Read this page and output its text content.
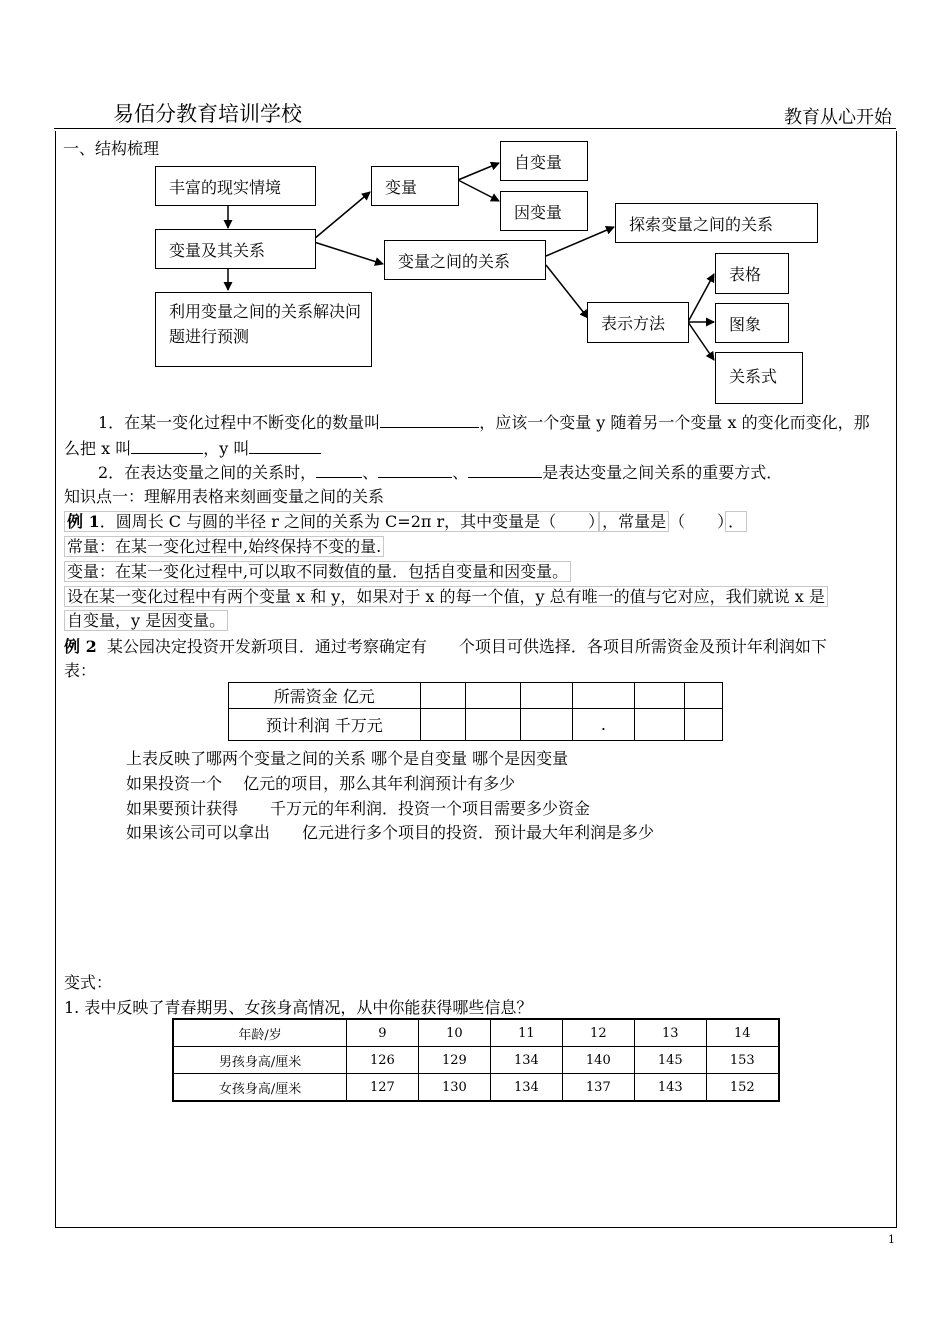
易佰分教育培训学校	教育从心开始
一、结构梳理
丰富的现实情境
变量及其关系
利用变量之间的关系解决问题进行预测
变量
自变量
因变量
变量之间的关系
探索变量之间的关系
表示方法
表格
图象
关系式
1．在某一变化过程中不断变化的数量叫	，应该一个变量 y 随着另一个变量 x 的变化而变化，那
么把 x 叫	，y 叫
2．在表达变量之间的关系时，	、	、	是表达变量之间关系的重要方式．
知识点一：理解用表格来刻画变量之间的关系
例 1．圆周长 C 与圆的半径 r 之间的关系为 C=2π r，其中变量是（　　） ，常量是 （　　） ．
常量：在某一变化过程中,始终保持不变的量.
变量：在某一变化过程中,可以取不同数值的量．包括自变量和因变量。
设在某一变化过程中有两个变量 x 和 y，如果对于 x 的每一个值，y 总有唯一的值与它对应，我们就说 x 是
自变量，y 是因变量。
例 2 某公园决定投资开发新项目．通过考察确定有　　个项目可供选择．各项目所需资金及预计年利润如下
表：
所需资金 亿元						
预计利润 千万元				.		
上表反映了哪两个变量之间的关系 哪个是自变量 哪个是因变量
如果投资一个　 亿元的项目，那么其年利润预计有多少
如果要预计获得　　千万元的年利润．投资一个项目需要多少资金
如果该公司可以拿出　　亿元进行多个项目的投资．预计最大年利润是多少
变式：
1. 表中反映了青春期男、女孩身高情况，从中你能获得哪些信息？
年龄/岁	9	10	11	12	13	14
男孩身高/厘米	126	129	134	140	145	153
女孩身高/厘米	127	130	134	137	143	152
1
